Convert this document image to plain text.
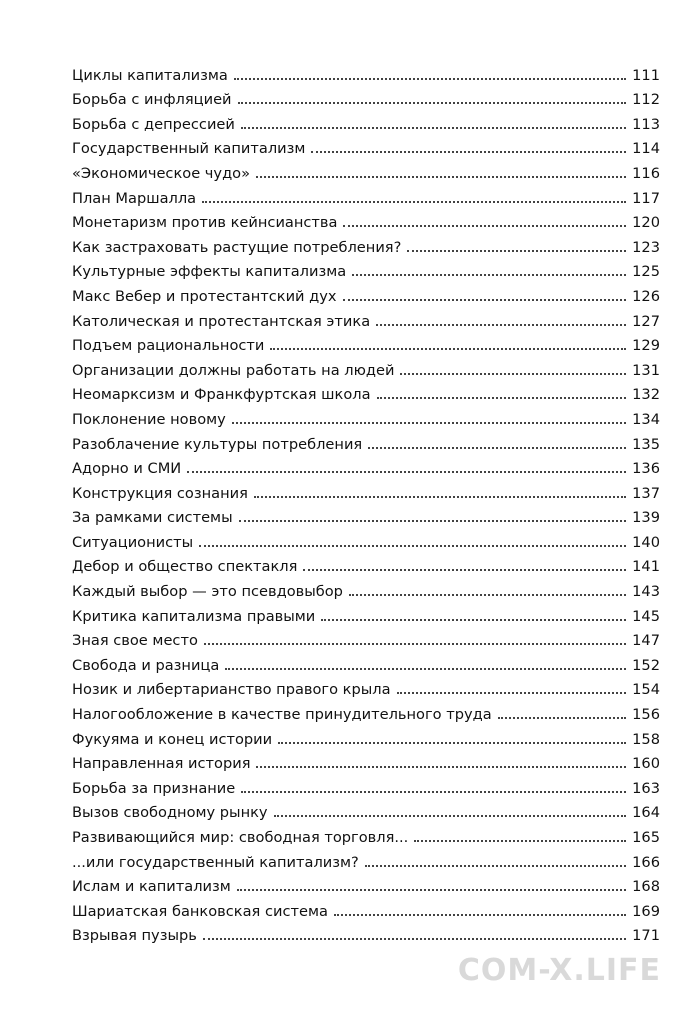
Циклы капитализма	111
Борьба с инфляцией	112
Борьба с депрессией	113
Государственный капитализм	114
«Экономическое чудо»	116
План Маршалла	117
Монетаризм против кейнсианства	120
Как застраховать растущие потребления?	123
Культурные эффекты капитализма	125
Макс Вебер и протестантский дух	126
Католическая и протестантская этика	127
Подъем рациональности	129
Организации должны работать на людей	131
Неомарксизм и Франкфуртская школа	132
Поклонение новому	134
Разоблачение культуры потребления	135
Адорно и СМИ	136
Конструкция сознания	137
За рамками системы	139
Ситуационисты	140
Дебор и общество спектакля	141
Каждый выбор — это псевдовыбор	143
Критика капитализма правыми	145
Зная свое место	147
Свобода и разница	152
Нозик и либертарианство правого крыла	154
Налогообложение в качестве принудительного труда	156
Фукуяма и конец истории	158
Направленная история	160
Борьба за признание	163
Вызов свободному рынку	164
Развивающийся мир: свободная торговля...	165
...или государственный капитализм?	166
Ислам и капитализм	168
Шариатская банковская система	169
Взрывая пузырь	171
COM-X.LIFE
